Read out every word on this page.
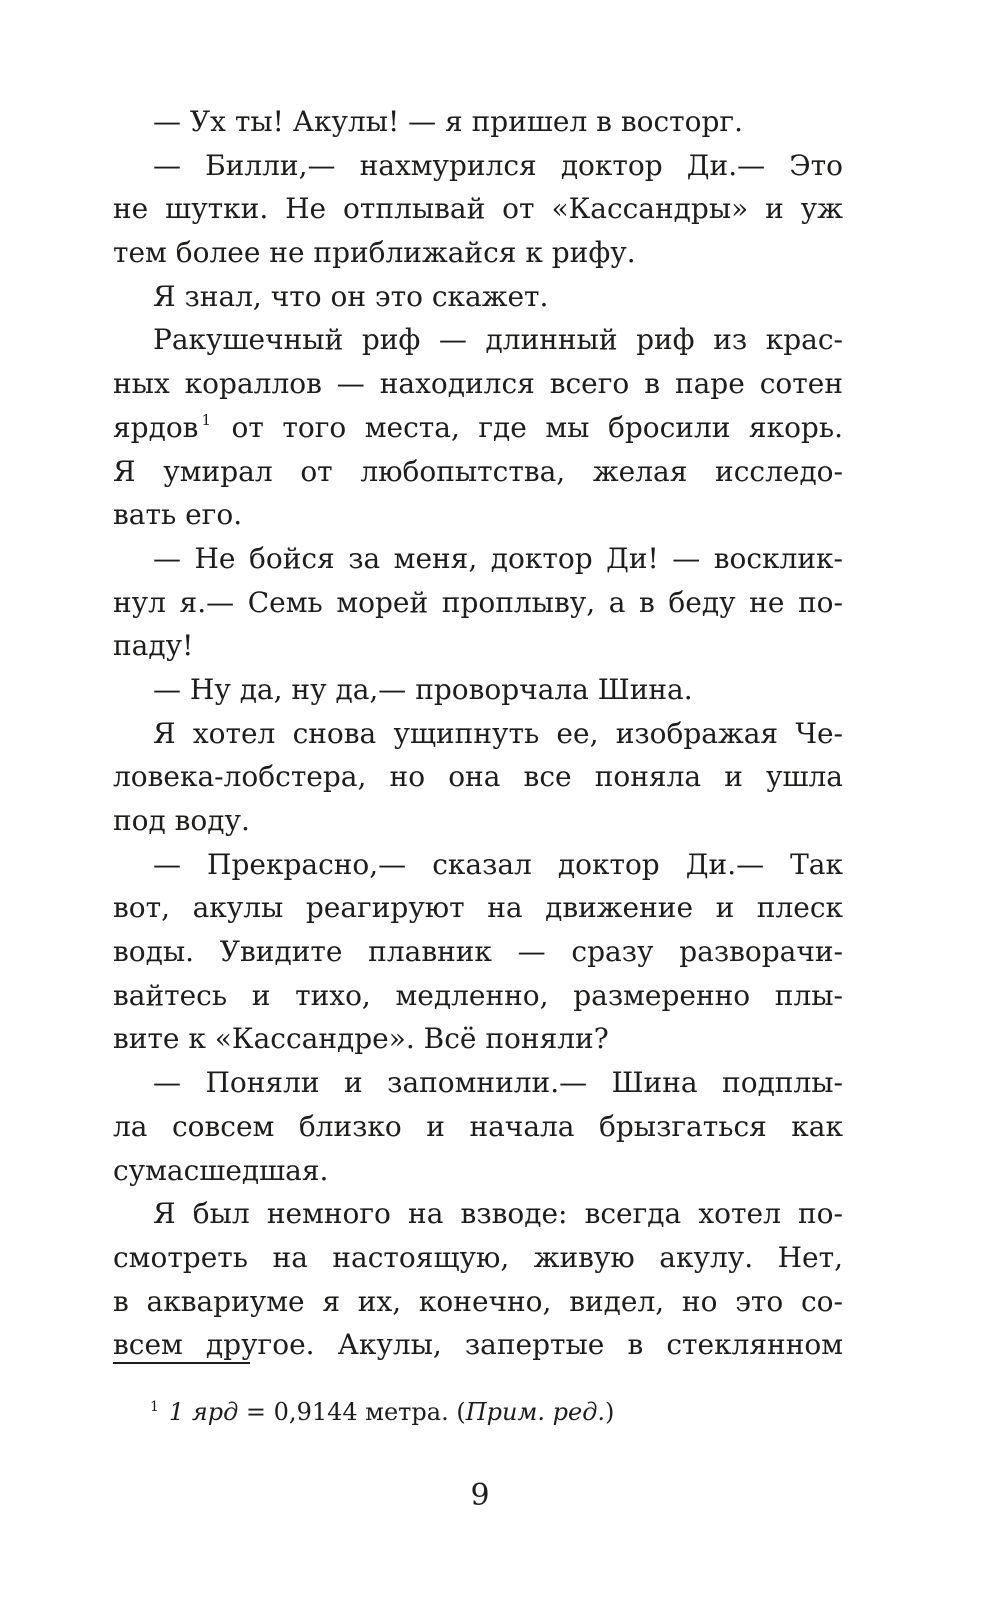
— Ух ты! Акулы! — я пришел в восторг.
— Билли,— нахмурился доктор Ди.— Это
не шутки. Не отплывай от «Кассандры» и уж
тем более не приближайся к рифу.
Я знал, что он это скажет.
Ракушечный риф — длинный риф из крас-
ных кораллов — находился всего в паре сотен
ярдов $^1$ от того места, где мы бросили якорь.
Я умирал от любопытства, желая исследо-
вать его.
— Не бойся за меня, доктор Ди! — восклик-
нул я.— Семь морей проплыву, а в беду не по-
паду!
— Ну да, ну да,— проворчала Шина.
Я хотел снова ущипнуть ее, изображая Че-
ловека-лобстера, но она все поняла и ушла
под воду.
— Прекрасно,— сказал доктор Ди.— Так
вот, акулы реагируют на движение и плеск
воды. Увидите плавник — сразу разворачи-
вайтесь и тихо, медленно, размеренно плы-
вите к «Кассандре». Всё поняли?
— Поняли и запомнили.— Шина подплы-
ла совсем близко и начала брызгаться как
сумасшедшая.
Я был немного на взводе: всегда хотел по-
смотреть на настоящую, живую акулу. Нет,
в аквариуме я их, конечно, видел, но это со-
всем другое. Акулы, запертые в стеклянном
$^1$ 1 ярд = 0,9144 метра. (Прим. ред.)
9
